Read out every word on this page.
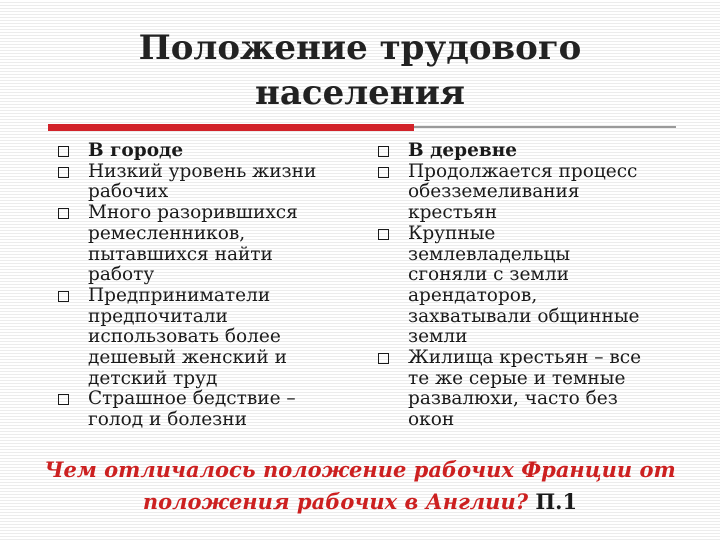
Положение трудового
населения
В городе
Низкий уровень жизни
рабочих
Много разорившихся
ремесленников,
пытавшихся найти
работу
Предприниматели
предпочитали
использовать более
дешевый женский и
детский труд
Страшное бедствие –
голод и болезни
В деревне
Продолжается процесс
обезземеливания
крестьян
Крупные
землевладельцы
сгоняли с земли
арендаторов,
захватывали общинные
земли
Жилища крестьян – все
те же серые и темные
развалюхи, часто без
окон
Чем отличалось положение рабочих Франции от
положения рабочих в Англии? П.1
